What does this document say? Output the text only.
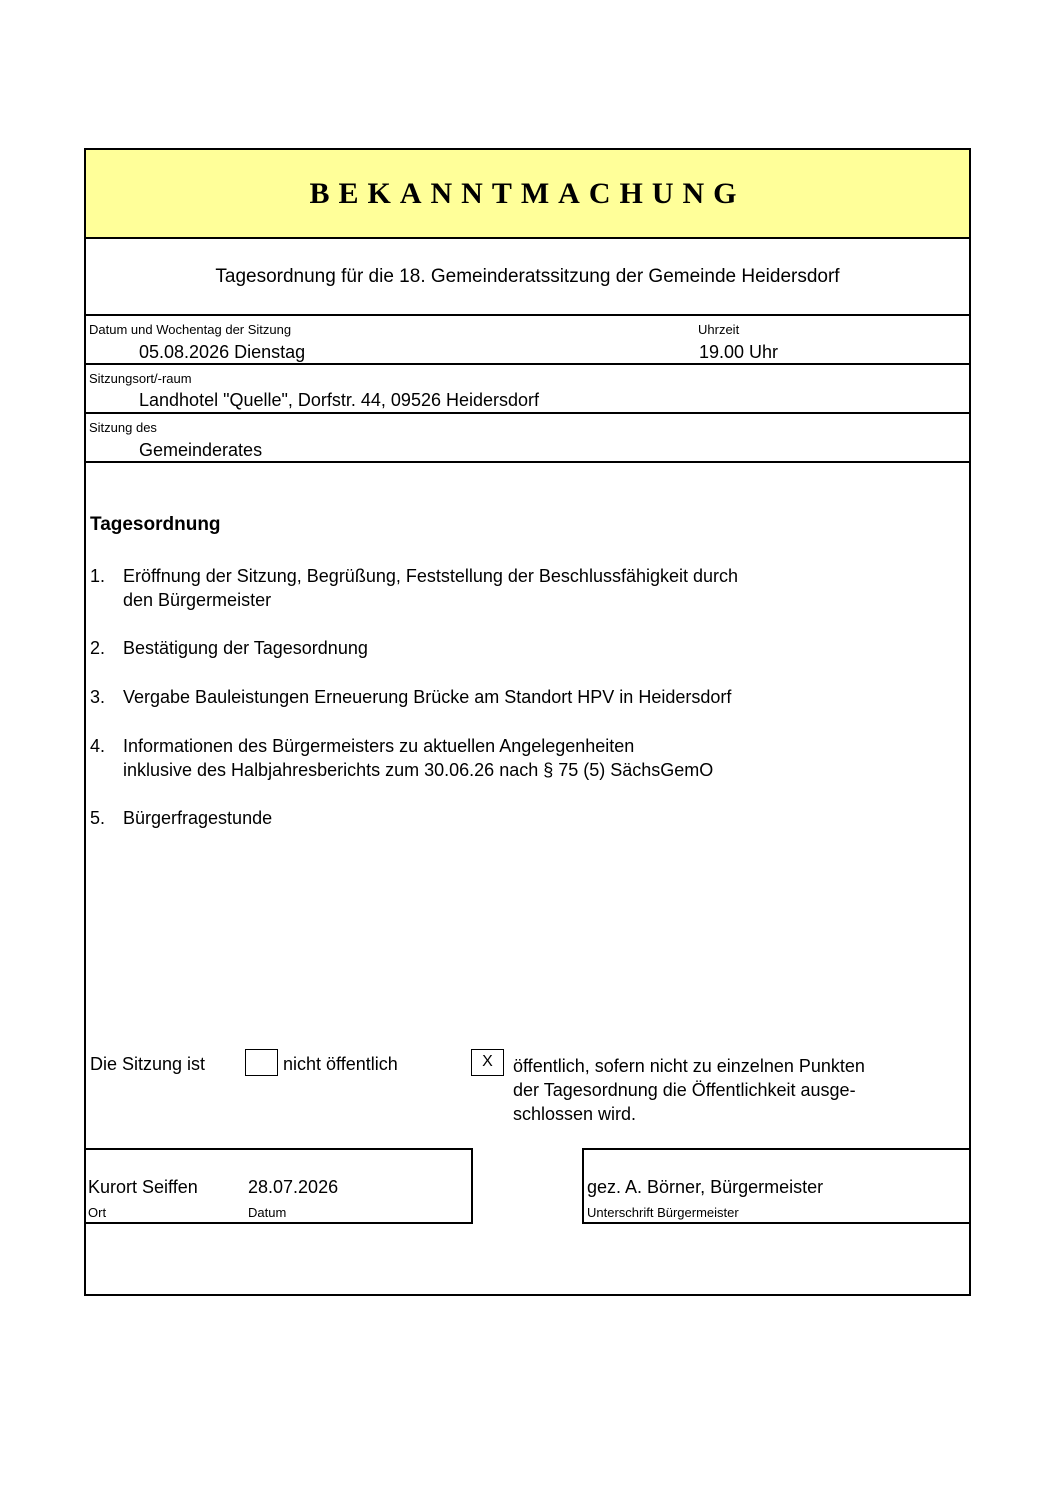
BEKANNTMACHUNG
Tagesordnung für die 18. Gemeinderatssitzung der Gemeinde Heidersdorf
Datum und Wochentag der Sitzung
05.08.2026 Dienstag
Uhrzeit
19.00 Uhr
Sitzungsort/-raum
Landhotel "Quelle", Dorfstr. 44, 09526 Heidersdorf
Sitzung des
Gemeinderates
Tagesordnung
1. Eröffnung der Sitzung, Begrüßung, Feststellung der Beschlussfähigkeit durch
den Bürgermeister
2. Bestätigung der Tagesordnung
3. Vergabe Bauleistungen Erneuerung Brücke am Standort HPV in Heidersdorf
4. Informationen des Bürgermeisters zu aktuellen Angelegenheiten
inklusive des Halbjahresberichts zum 30.06.26 nach § 75 (5) SächsGemO
5. Bürgerfragestunde
Die Sitzung ist	nicht öffentlich	X	öffentlich, sofern nicht zu einzelnen Punkten
der Tagesordnung die Öffentlichkeit ausge-
schlossen wird.
Kurort Seiffen
Ort
28.07.2026
Datum
gez. A. Börner, Bürgermeister
Unterschrift Bürgermeister
